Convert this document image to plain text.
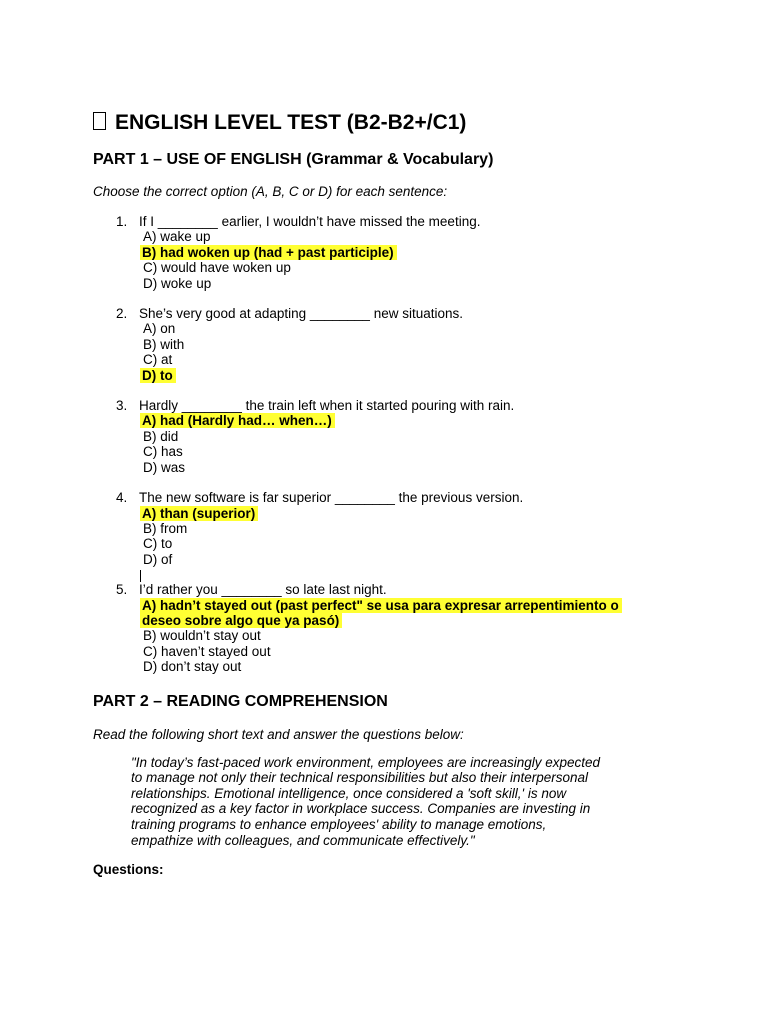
ENGLISH LEVEL TEST (B2-B2+/C1)
PART 1 – USE OF ENGLISH (Grammar & Vocabulary)

Choose the correct option (A, B, C or D) for each sentence:

1. If I ________ earlier, I wouldn’t have missed the meeting.
A) wake up
B) had woken up (had + past participle)
C) would have woken up
D) woke up
2. She’s very good at adapting ________ new situations.
A) on
B) with
C) at
D) to
3. Hardly ________ the train left when it started pouring with rain.
A) had (Hardly had… when…)
B) did
C) has
D) was
4. The new software is far superior ________ the previous version.
A) than (superior)
B) from
C) to
D) of
5. I’d rather you ________ so late last night.
A) hadn’t stayed out (past perfect" se usa para expresar arrepentimiento o deseo sobre algo que ya pasó)
B) wouldn’t stay out
C) haven’t stayed out
D) don’t stay out
PART 2 – READING COMPREHENSION

Read the following short text and answer the questions below:

"In today’s fast-paced work environment, employees are increasingly expected
to manage not only their technical responsibilities but also their interpersonal
relationships. Emotional intelligence, once considered a 'soft skill,' is now
recognized as a key factor in workplace success. Companies are investing in
training programs to enhance employees' ability to manage emotions,
empathize with colleagues, and communicate effectively."
Questions:
